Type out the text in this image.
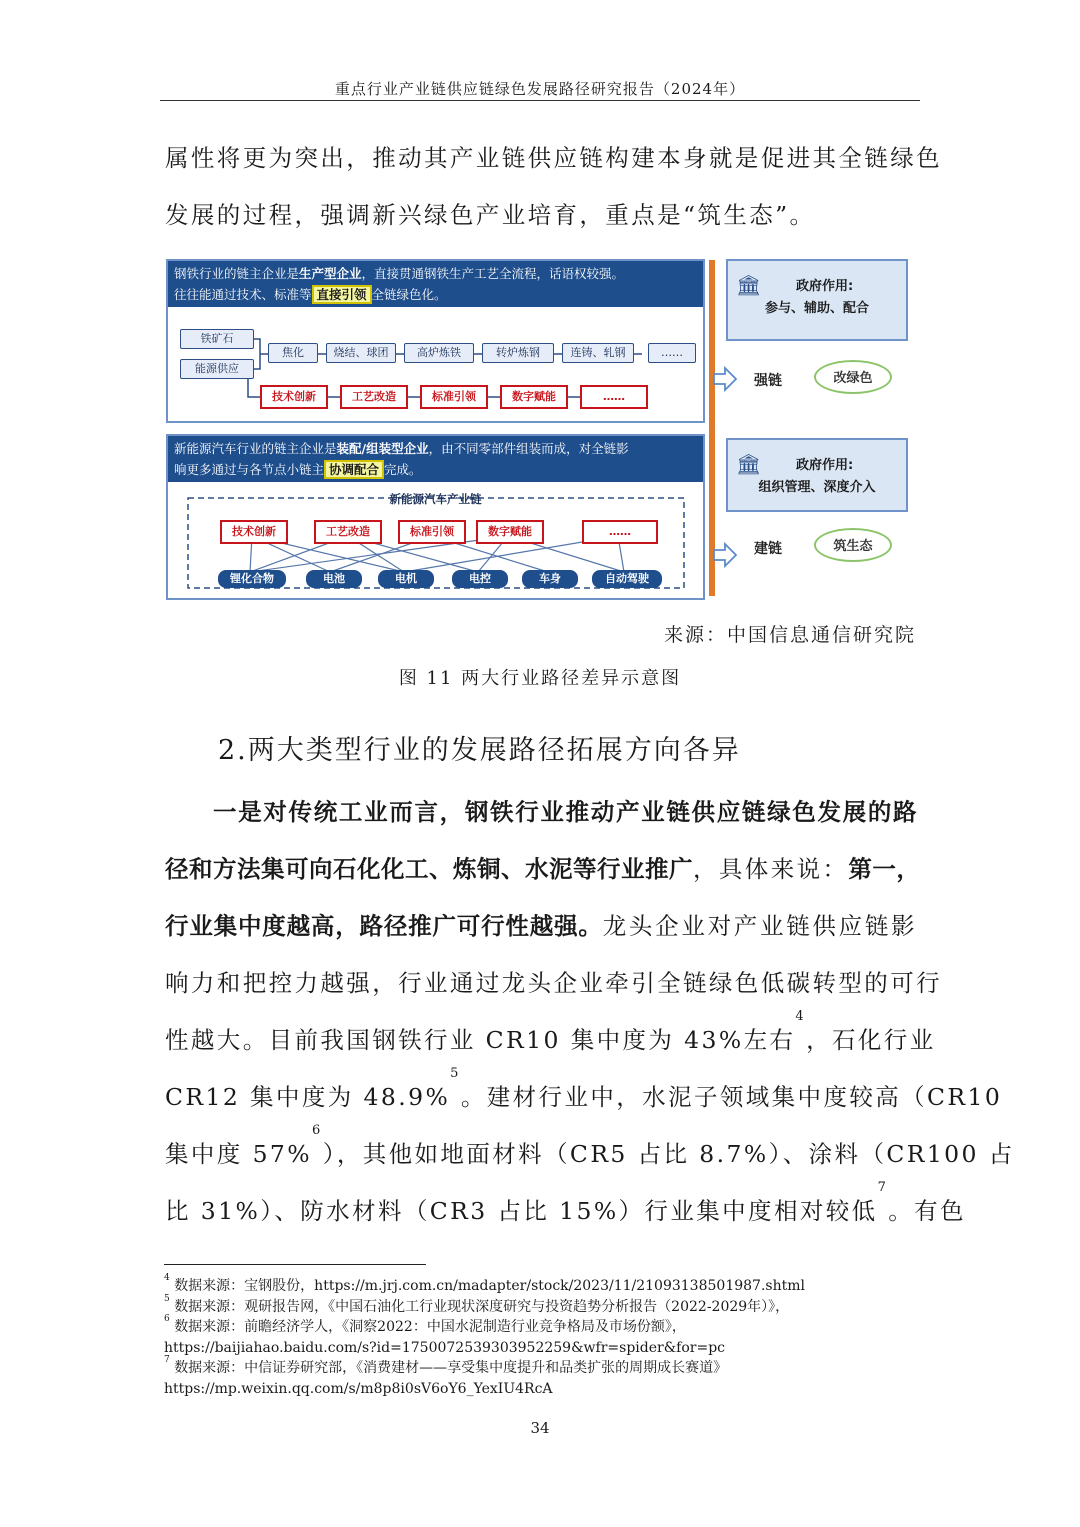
重点行业产业链供应链绿色发展路径研究报告（2024年）

属性将更为突出，推动其产业链供应链构建本身就是促进其全链绿色

发展的过程，强调新兴绿色产业培育，重点是“筑生态”。

钢铁行业的链主企业是生产型企业，直接贯通钢铁生产工艺全流程，话语权较强。
往往能通过技术、标准等 直接引领 全链绿色化。
铁矿石
能源供应
焦化	烧结、球团	高炉炼铁	转炉炼钢	连铸、轧钢	……
技术创新	工艺改造	标准引领	数字赋能	……
新能源汽车行业的链主企业是装配/组装型企业，由不同零部件组装而成，对全链影
响更多通过与各节点小链主 协调配合 完成。
新能源汽车产业链
技术创新	工艺改造	标准引领	数字赋能	……
锂化合物	电池	电机	电控	车身	自动驾驶
🏛	政府作用:
参与、辅助、配合
强链	改绿色
🏛	政府作用:
组织管理、深度介入
建链	筑生态
来源：中国信息通信研究院
图 11 两大行业路径差异示意图
2.两大类型行业的发展路径拓展方向各异

一是对传统工业而言，钢铁行业推动产业链供应链绿色发展的路

径和方法集可向石化化工、炼铜、水泥等行业推广，具体来说：第一，

行业集中度越高，路径推广可行性越强。龙头企业对产业链供应链影

响力和把控力越强，行业通过龙头企业牵引全链绿色低碳转型的可行

性越大。目前我国钢铁行业 CR10 集中度为 43%左右$^4$，石化行业

CR12 集中度为 48.9%$^5$。建材行业中，水泥子领域集中度较高（CR10

集中度 57%$^6$），其他如地面材料（CR5 占比 8.7%）、涂料（CR100 占

比 31%）、防水材料（CR3 占比 15%）行业集中度相对较低$^7$。有色

$^4$ 数据来源：宝钢股份，https://m.jrj.com.cn/madapter/stock/2023/11/21093138501987.shtml

$^5$ 数据来源：观研报告网，《中国石油化工行业现状深度研究与投资趋势分析报告（2022-2029年）》，

$^6$ 数据来源：前瞻经济学人，《洞察2022：中国水泥制造行业竞争格局及市场份额》，

https://baijiahao.baidu.com/s?id=1750072539303952259&wfr=spider&for=pc

$^7$ 数据来源：中信证券研究部，《消费建材——享受集中度提升和品类扩张的周期成长赛道》

https://mp.weixin.qq.com/s/m8p8i0sV6oY6_YexIU4RcA

34
